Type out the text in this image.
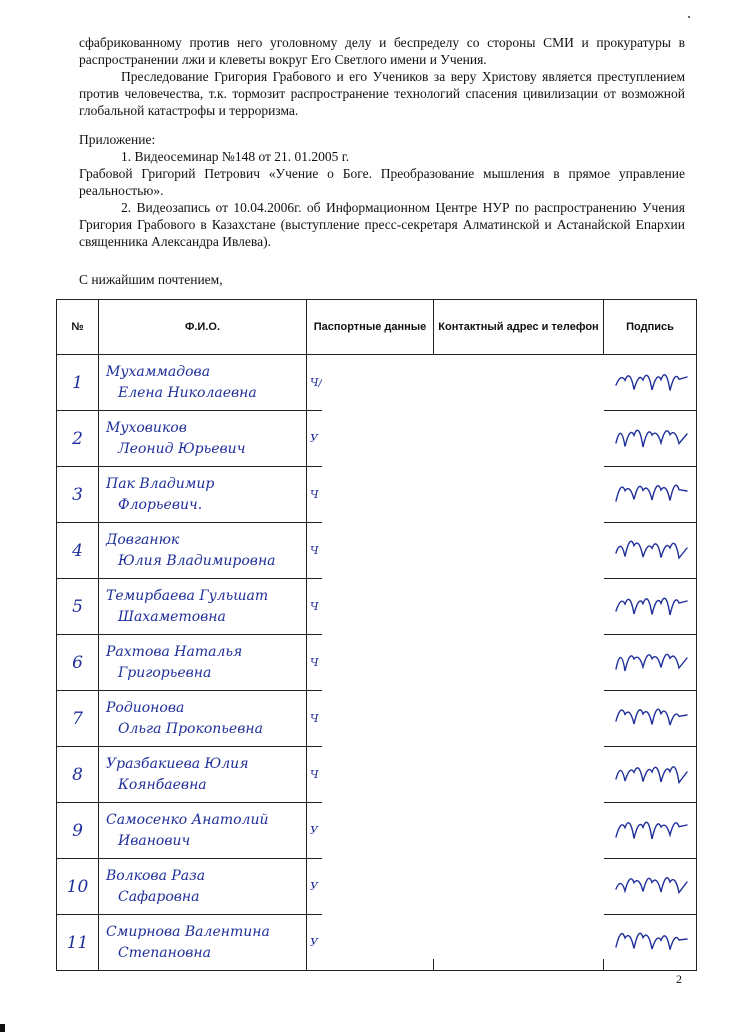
сфабрикованному против него уголовному делу и беспределу со стороны СМИ и прокуратуры в распространении лжи и клеветы вокруг Его Светлого имени и Учения.

Преследование Григория Грабового и его Учеников за веру Христову является преступлением против человечества, т.к. тормозит распространение технологий спасения цивилизации от возможной глобальной катастрофы и терроризма.

Приложение:

1. Видеосеминар №148 от 21. 01.2005 г.

Грабовой Григорий Петрович «Учение о Боге. Преобразование мышления в прямое управление реальностью».

2. Видеозапись от 10.04.2006г. об Информационном Центре НУР по распространению Учения Григория Грабового в Казахстане (выступление пресс-секретаря Алматинской и Астанайской Епархии священника Александра Ивлева).

С нижайшим почтением,

№	Ф.И.О.	Паспортные данные	Контактный адрес и телефон	Подпись
1	Мухаммадова
Елена Николаевна	Ч/

2	Муховиков
Леонид Юрьевич	У

3	Пак Владимир
Флорьевич.	Ч

4	Довганюк
Юлия Владимировна	Ч

5	Темирбаева Гульшат
Шахаметовна	Ч

6	Рахтова Наталья
Григорьевна	Ч

7	Родионова
Ольга Прокопьевна	Ч

8	Уразбакиева Юлия
Коянбаевна	Ч

9	Самосенко Анатолий
Иванович	У

10	Волкова Раза
Сафаровна	У

11	Смирнова Валентина
Степановна	У

2
